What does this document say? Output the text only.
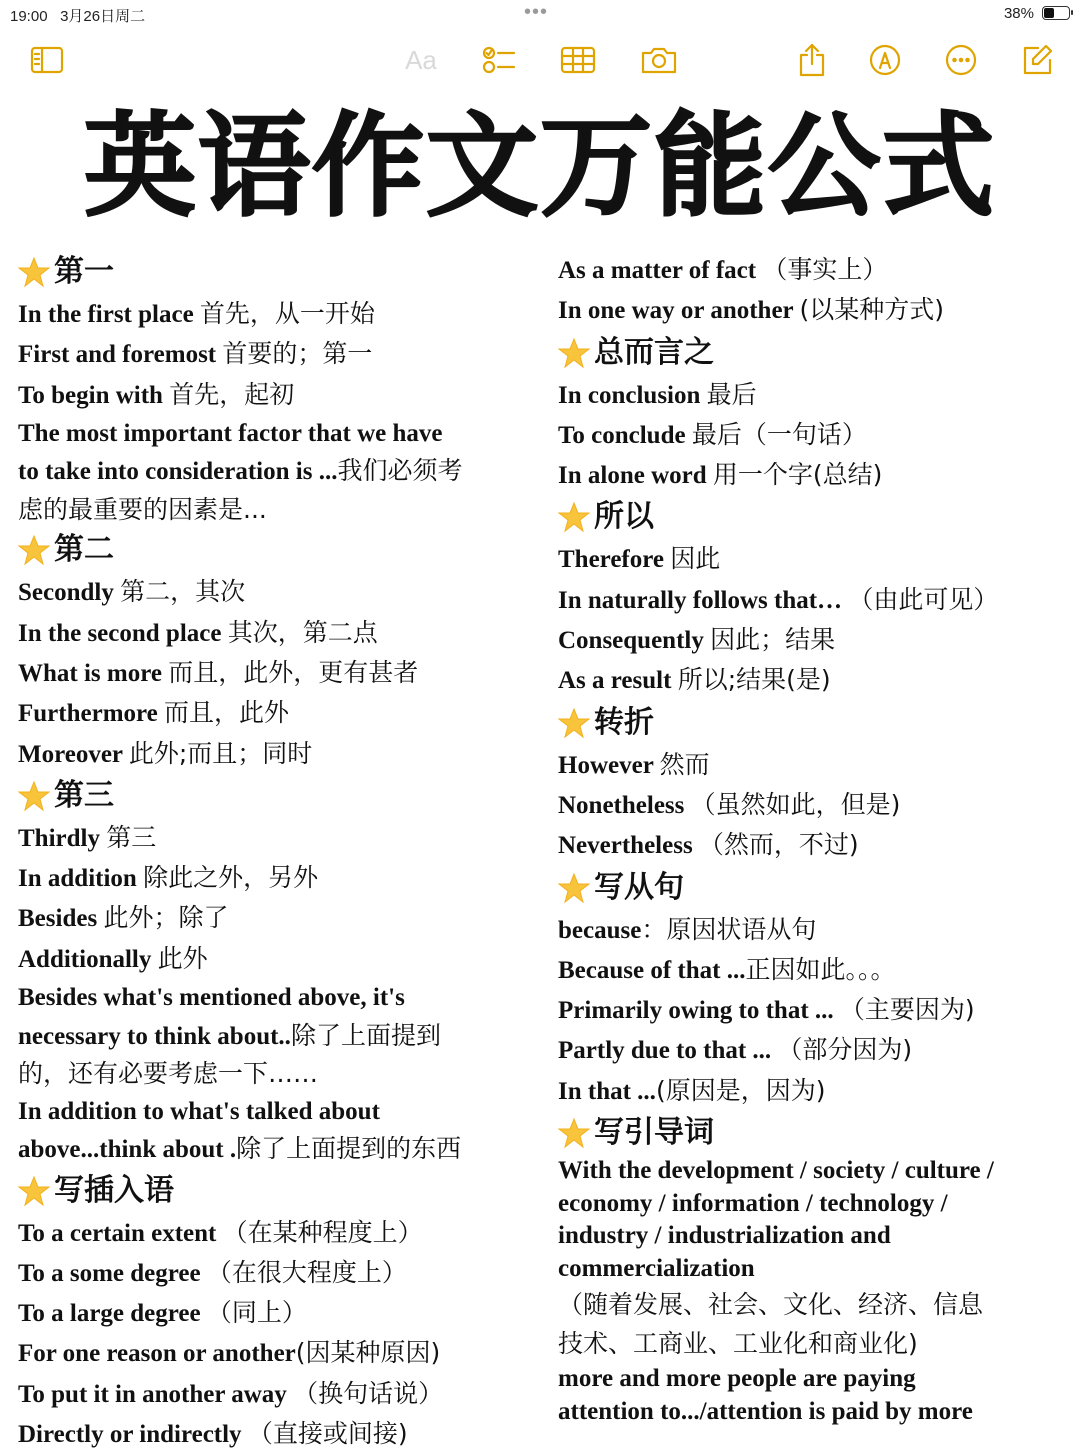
19:00 3月26日周二	•••	38%
Aa
英语作文万能公式
第一
In the first place 首先，从一开始
First and foremost 首要的；第一
To begin with 首先，起初
The most important factor that we have
to take into consideration is ...我们必须考
虑的最重要的因素是...
第二
Secondly 第二，其次
In the second place 其次，第二点
What is more 而且，此外，更有甚者
Furthermore 而且，此外
Moreover 此外;而且；同时
第三
Thirdly 第三
In addition 除此之外，另外
Besides 此外；除了
Additionally 此外
Besides what's mentioned above, it's
necessary to think about..除了上面提到
的，还有必要考虑一下……
In addition to what's talked about
above...think about .除了上面提到的东西
写插入语
To a certain extent （在某种程度上）
To a some degree （在很大程度上）
To a large degree （同上）
For one reason or another(因某种原因)
To put it in another away （换句话说）
Directly or indirectly （直接或间接)
As a matter of fact （事实上）
In one way or another (以某种方式)
总而言之
In conclusion 最后
To conclude 最后（一句话）
In alone word 用一个字(总结)
所以
Therefore 因此
In naturally follows that… （由此可见）
Consequently 因此；结果
As a result 所以;结果(是)
转折
However 然而
Nonetheless （虽然如此，但是)
Nevertheless （然而，不过)
写从句
because：原因状语从句
Because of that ...正因如此。。。
Primarily owing to that ... （主要因为)
Partly due to that ... （部分因为)
In that ...(原因是，因为)
写引导词
With the development / society / culture /
economy / information / technology /
industry / industrialization and
commercialization
（随着发展、社会、文化、经济、信息
技术、工商业、工业化和商业化)
more and more people are paying
attention to.../attention is paid by more
